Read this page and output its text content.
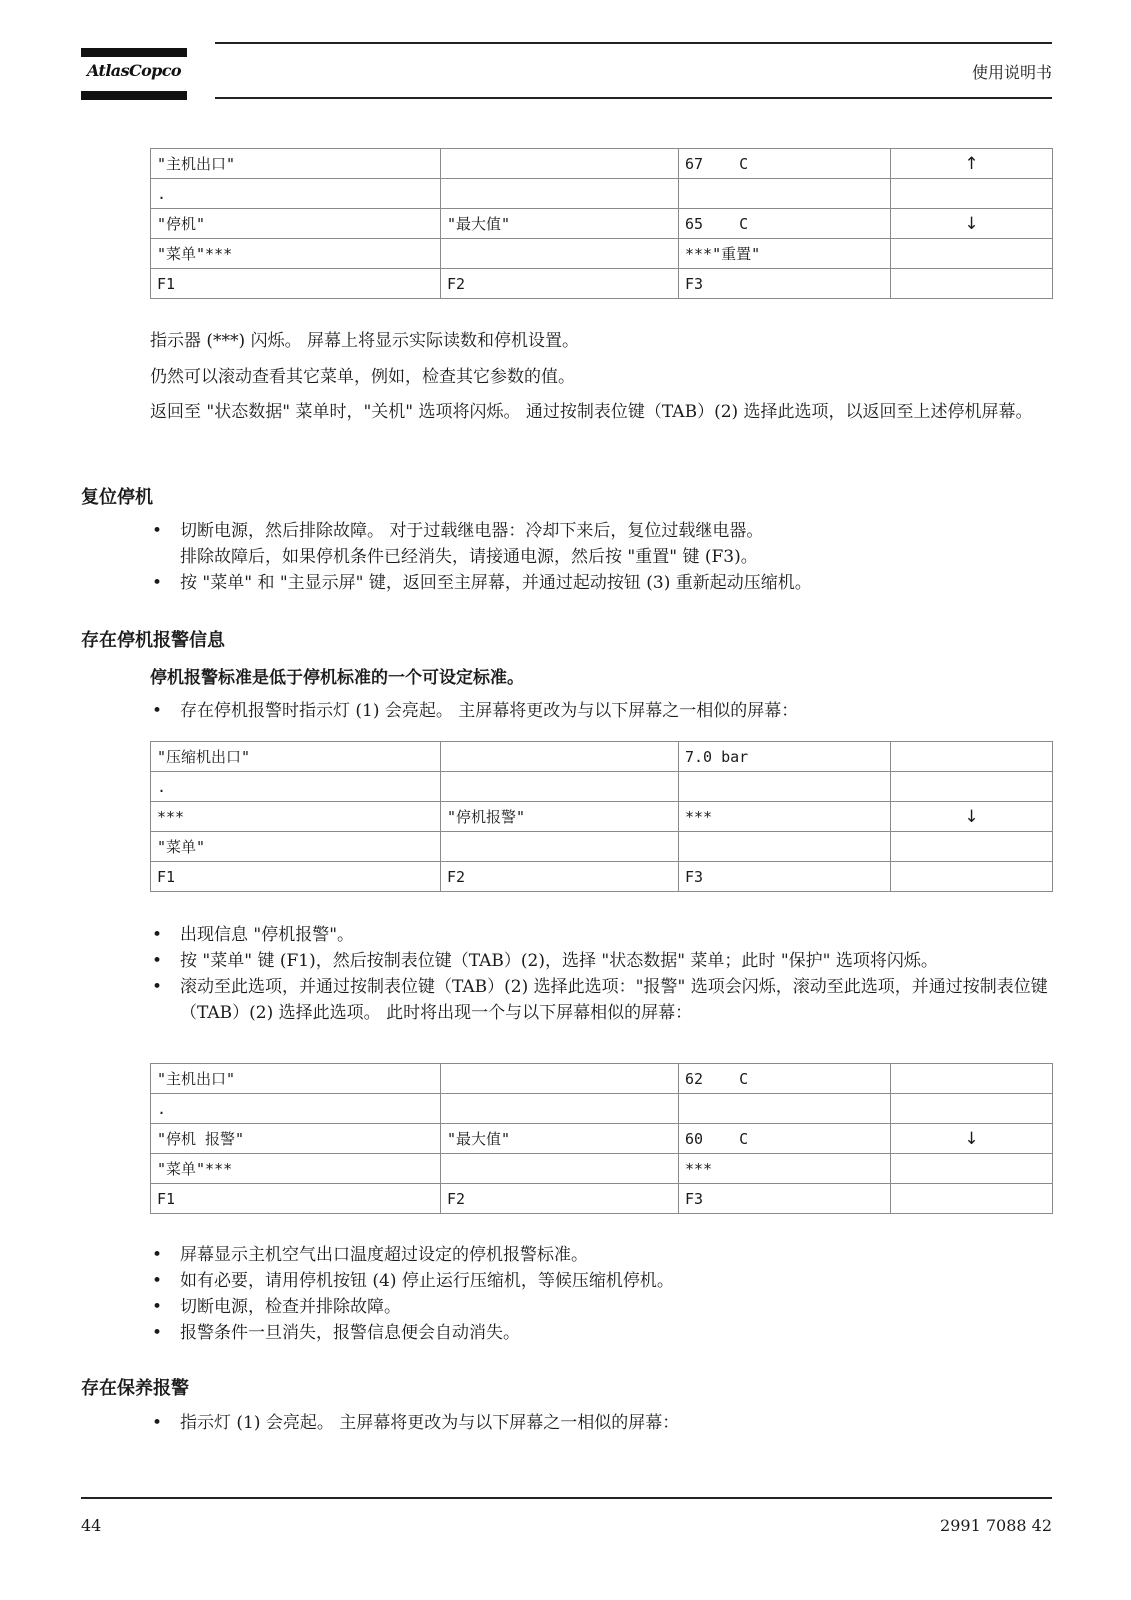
AtlasCopco	使用说明书
"主机出口"		67    C	↑
.			
"停机"	"最大值"	65    C	↓
"菜单"***		***"重置"	
F1	F2	F3	

指示器 (***) 闪烁。 屏幕上将显示实际读数和停机设置。

仍然可以滚动查看其它菜单，例如，检查其它参数的值。

返回至 "状态数据" 菜单时，"关机" 选项将闪烁。 通过按制表位键（TAB）(2) 选择此选项，以返回至上述停机屏幕。

复位停机
• 切断电源，然后排除故障。 对于过载继电器：冷却下来后，复位过载继电器。
排除故障后，如果停机条件已经消失，请接通电源，然后按 "重置" 键 (F3)。
• 按 "菜单" 和 "主显示屏" 键，返回至主屏幕，并通过起动按钮 (3) 重新起动压缩机。
存在停机报警信息

停机报警标准是低于停机标准的一个可设定标准。

• 存在停机报警时指示灯 (1) 会亮起。 主屏幕将更改为与以下屏幕之一相似的屏幕：
"压缩机出口"		7.0 bar	
.			
***	"停机报警"	***	↓
"菜单"			
F1	F2	F3	
• 出现信息 "停机报警"。
• 按 "菜单" 键 (F1)，然后按制表位键（TAB）(2)，选择 "状态数据" 菜单；此时 "保护" 选项将闪烁。
• 滚动至此选项，并通过按制表位键（TAB）(2) 选择此选项："报警" 选项会闪烁，滚动至此选项，并通过按制表位键（TAB）(2) 选择此选项。 此时将出现一个与以下屏幕相似的屏幕：
"主机出口"		62    C	
.			
"停机 报警"	"最大值"	60    C	↓
"菜单"***		***	
F1	F2	F3	
• 屏幕显示主机空气出口温度超过设定的停机报警标准。
• 如有必要，请用停机按钮 (4) 停止运行压缩机，等候压缩机停机。
• 切断电源，检查并排除故障。
• 报警条件一旦消失，报警信息便会自动消失。
存在保养报警
• 指示灯 (1) 会亮起。 主屏幕将更改为与以下屏幕之一相似的屏幕：
44	2991 7088 42
